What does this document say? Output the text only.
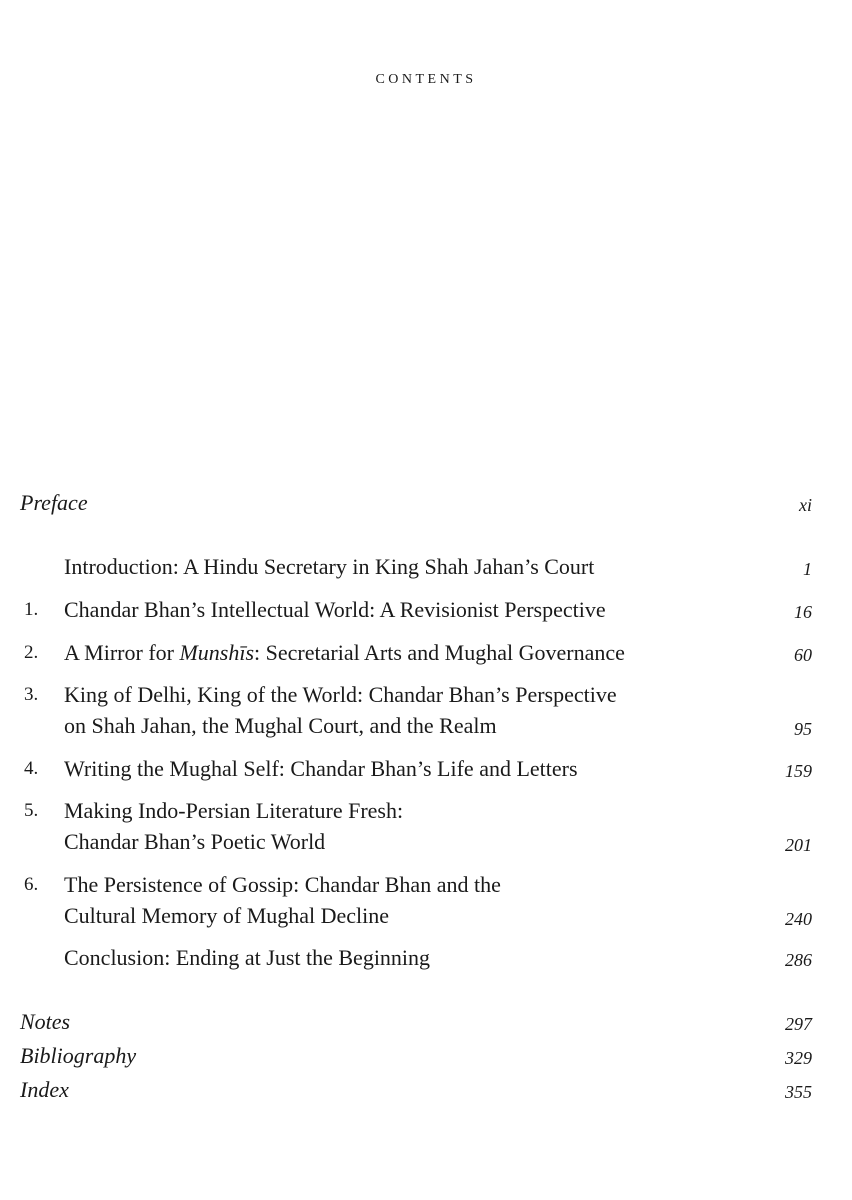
contents
Preface	xi
Introduction: A Hindu Secretary in King Shah Jahan’s Court	1
1. Chandar Bhan’s Intellectual World: A Revisionist Perspective	16
2. A Mirror for Munshīs: Secretarial Arts and Mughal Governance	60
3. King of Delhi, King of the World: Chandar Bhan’s Perspective
on Shah Jahan, the Mughal Court, and the Realm	95
4. Writing the Mughal Self: Chandar Bhan’s Life and Letters	159
5. Making Indo-Persian Literature Fresh:
Chandar Bhan’s Poetic World	201
6. The Persistence of Gossip: Chandar Bhan and the
Cultural Memory of Mughal Decline	240
Conclusion: Ending at Just the Beginning	286
Notes	297
Bibliography	329
Index	355
